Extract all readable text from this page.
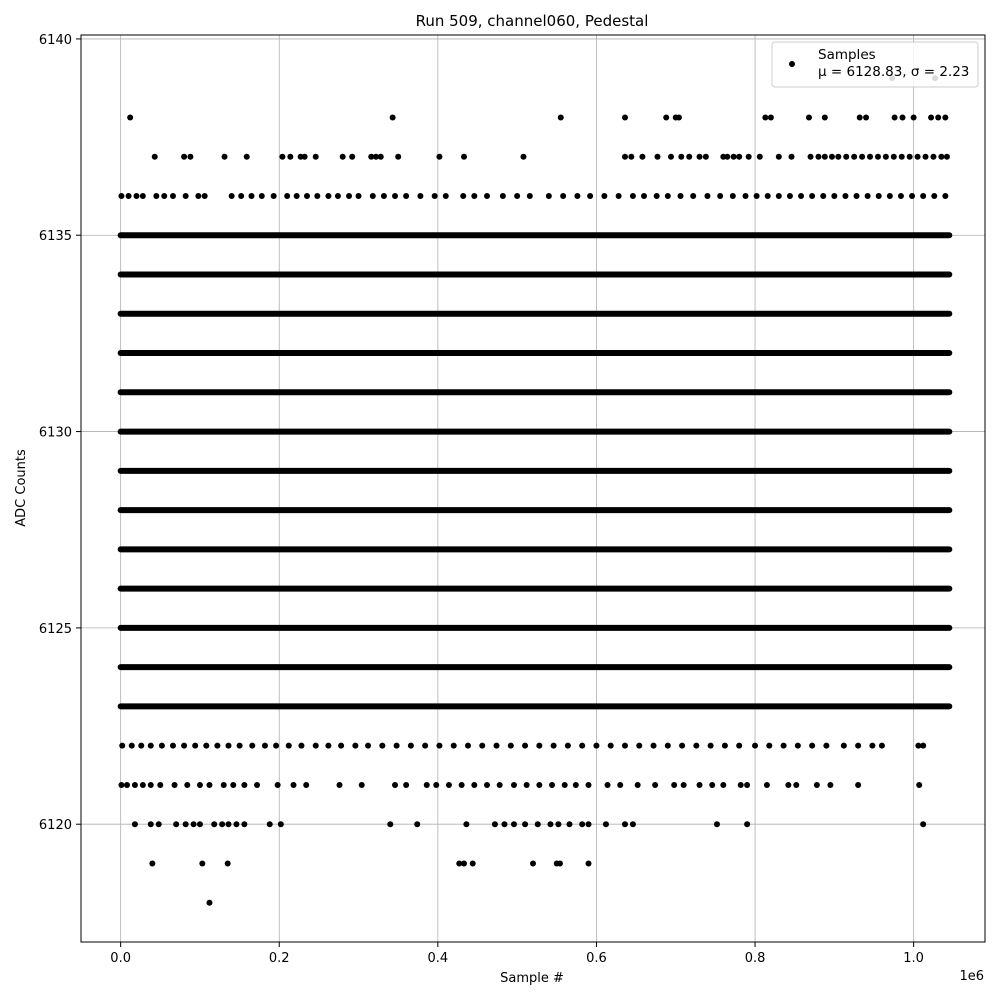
0.0	0.2	0.4	0.6	0.8	1.0
6120
6125
6130
6135
6140
Run 509, channel060, Pedestal
Sample #
ADC Counts
1e6
Samples
μ = 6128.83, σ = 2.23
